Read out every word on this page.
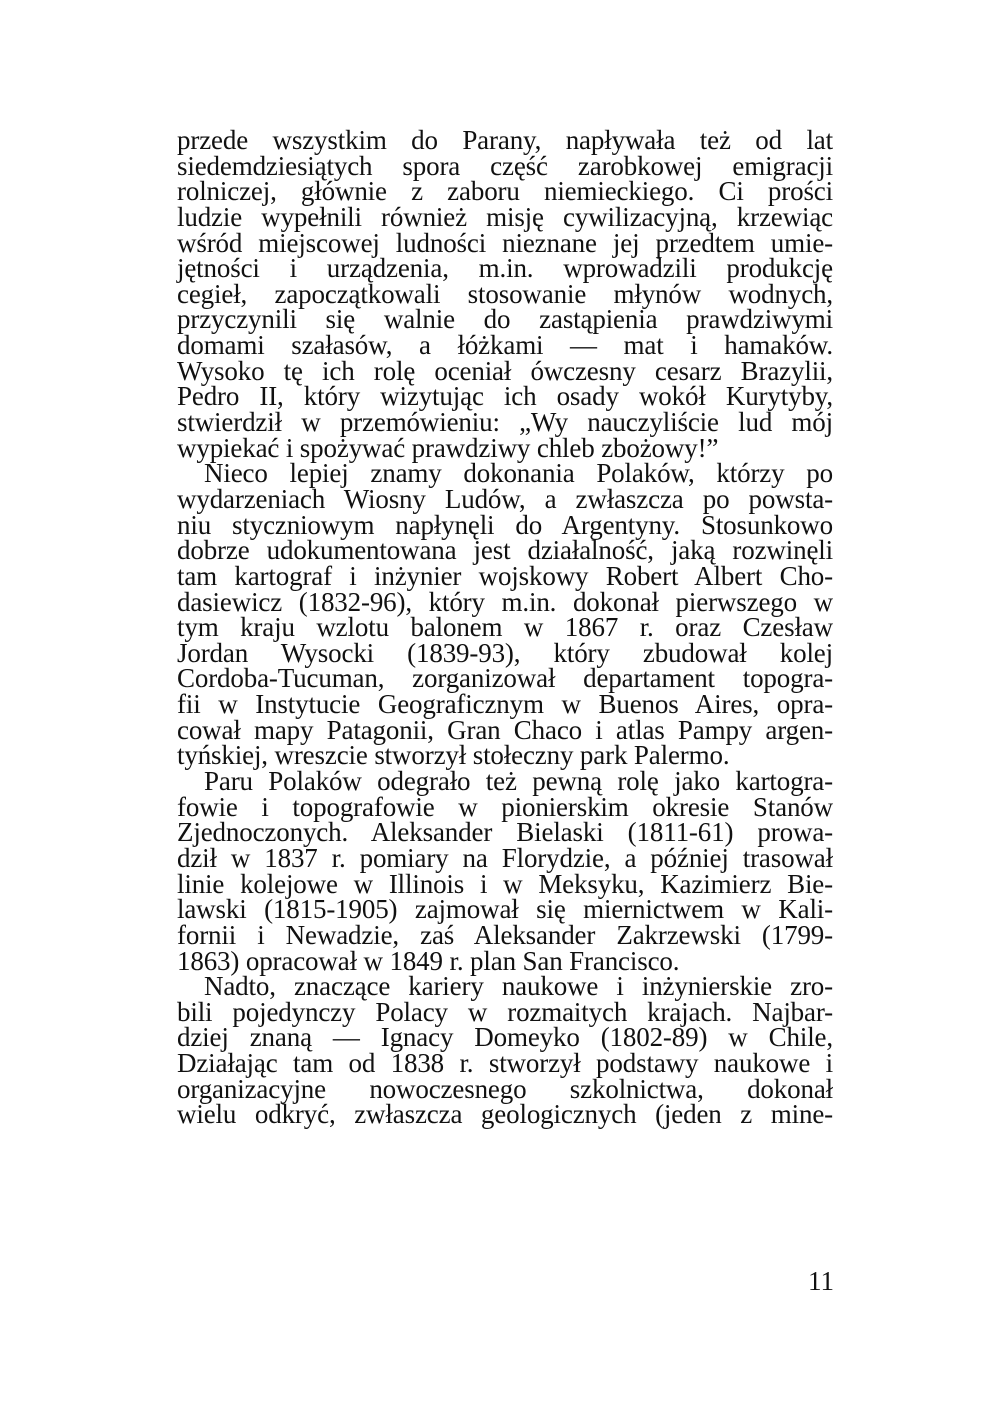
przede wszystkim do Parany, napływała też od lat
siedemdziesiątych spora część zarobkowej emigracji
rolniczej, głównie z zaboru niemieckiego. Ci prości
ludzie wypełnili również misję cywilizacyjną, krzewiąc
wśród miejscowej ludności nieznane jej przedtem umie-
jętności i urządzenia, m.in. wprowadzili produkcję
cegieł, zapoczątkowali stosowanie młynów wodnych,
przyczynili się walnie do zastąpienia prawdziwymi
domami szałasów, a łóżkami — mat i hamaków.
Wysoko tę ich rolę oceniał ówczesny cesarz Brazylii,
Pedro II, który wizytując ich osady wokół Kurytyby,
stwierdził w przemówieniu: „Wy nauczyliście lud mój
wypiekać i spożywać prawdziwy chleb zbożowy!”
Nieco lepiej znamy dokonania Polaków, którzy po
wydarzeniach Wiosny Ludów, a zwłaszcza po powsta-
niu styczniowym napłynęli do Argentyny. Stosunkowo
dobrze udokumentowana jest działalność, jaką rozwinęli
tam kartograf i inżynier wojskowy Robert Albert Cho-
dasiewicz (1832-96), który m.in. dokonał pierwszego w
tym kraju wzlotu balonem w 1867 r. oraz Czesław
Jordan Wysocki (1839-93), który zbudował kolej
Cordoba-Tucuman, zorganizował departament topogra-
fii w Instytucie Geograficznym w Buenos Aires, opra-
cował mapy Patagonii, Gran Chaco i atlas Pampy argen-
tyńskiej, wreszcie stworzył stołeczny park Palermo.
Paru Polaków odegrało też pewną rolę jako kartogra-
fowie i topografowie w pionierskim okresie Stanów
Zjednoczonych. Aleksander Bielaski (1811-61) prowa-
dził w 1837 r. pomiary na Florydzie, a później trasował
linie kolejowe w Illinois i w Meksyku, Kazimierz Bie-
lawski (1815-1905) zajmował się miernictwem w Kali-
fornii i Newadzie, zaś Aleksander Zakrzewski (1799-
1863) opracował w 1849 r. plan San Francisco.
Nadto, znaczące kariery naukowe i inżynierskie zro-
bili pojedynczy Polacy w rozmaitych krajach. Najbar-
dziej znaną — Ignacy Domeyko (1802-89) w Chile,
Działając tam od 1838 r. stworzył podstawy naukowe i
organizacyjne nowoczesnego szkolnictwa, dokonał
wielu odkryć, zwłaszcza geologicznych (jeden z mine-
11
